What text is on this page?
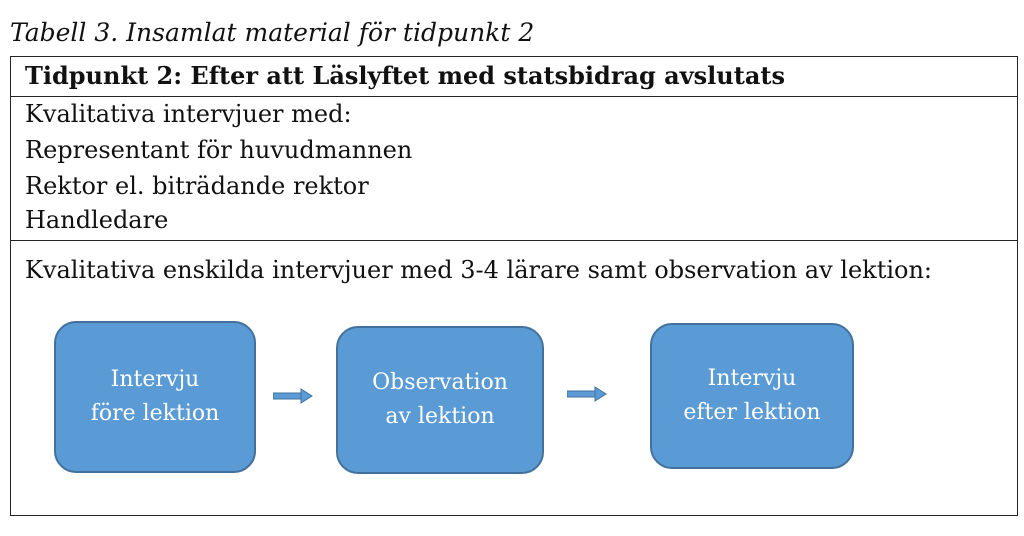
Tabell 3. Insamlat material för tidpunkt 2
Tidpunkt 2: Efter att Läslyftet med statsbidrag avslutats
Kvalitativa intervjuer med:
Representant för huvudmannen
Rektor el. biträdande rektor
Handledare
Kvalitativa enskilda intervjuer med 3-4 lärare samt observation av lektion:
Intervju
före lektion
Observation
av lektion
Intervju
efter lektion
